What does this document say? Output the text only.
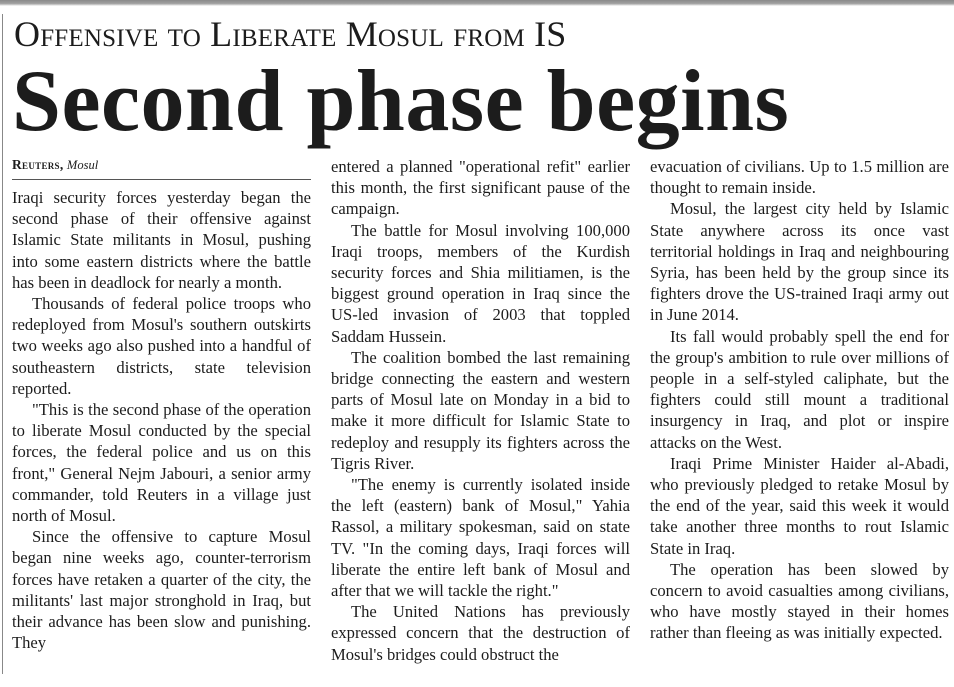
Offensive to Liberate Mosul from IS
Second phase begins
Reuters, Mosul

Iraqi security forces yesterday began the second phase of their offensive against Islamic State militants in Mosul, pushing into some eastern districts where the battle has been in deadlock for nearly a month.

Thousands of federal police troops who redeployed from Mosul's southern outskirts two weeks ago also pushed into a handful of southeastern districts, state television reported.

"This is the second phase of the operation to liberate Mosul conducted by the special forces, the federal police and us on this front," General Nejm Jabouri, a senior army commander, told Reuters in a village just north of Mosul.

Since the offensive to capture Mosul began nine weeks ago, counter-terrorism forces have retaken a quarter of the city, the militants' last major stronghold in Iraq, but their advance has been slow and punishing. They

entered a planned "operational refit" earlier this month, the first significant pause of the campaign.

The battle for Mosul involving 100,000 Iraqi troops, members of the Kurdish security forces and Shia militiamen, is the biggest ground operation in Iraq since the US-led invasion of 2003 that toppled Saddam Hussein.

The coalition bombed the last remaining bridge connecting the eastern and western parts of Mosul late on Monday in a bid to make it more difficult for Islamic State to redeploy and resupply its fighters across the Tigris River.

"The enemy is currently isolated inside the left (eastern) bank of Mosul," Yahia Rassol, a military spokesman, said on state TV. "In the coming days, Iraqi forces will liberate the entire left bank of Mosul and after that we will tackle the right."

The United Nations has previously expressed concern that the destruction of Mosul's bridges could obstruct the

evacuation of civilians. Up to 1.5 million are thought to remain inside.

Mosul, the largest city held by Islamic State anywhere across its once vast territorial holdings in Iraq and neighbouring Syria, has been held by the group since its fighters drove the US-trained Iraqi army out in June 2014.

Its fall would probably spell the end for the group's ambition to rule over millions of people in a self-styled caliphate, but the fighters could still mount a traditional insurgency in Iraq, and plot or inspire attacks on the West.

Iraqi Prime Minister Haider al-Abadi, who previously pledged to retake Mosul by the end of the year, said this week it would take another three months to rout Islamic State in Iraq.

The operation has been slowed by concern to avoid casualties among civilians, who have mostly stayed in their homes rather than fleeing as was initially expected.
